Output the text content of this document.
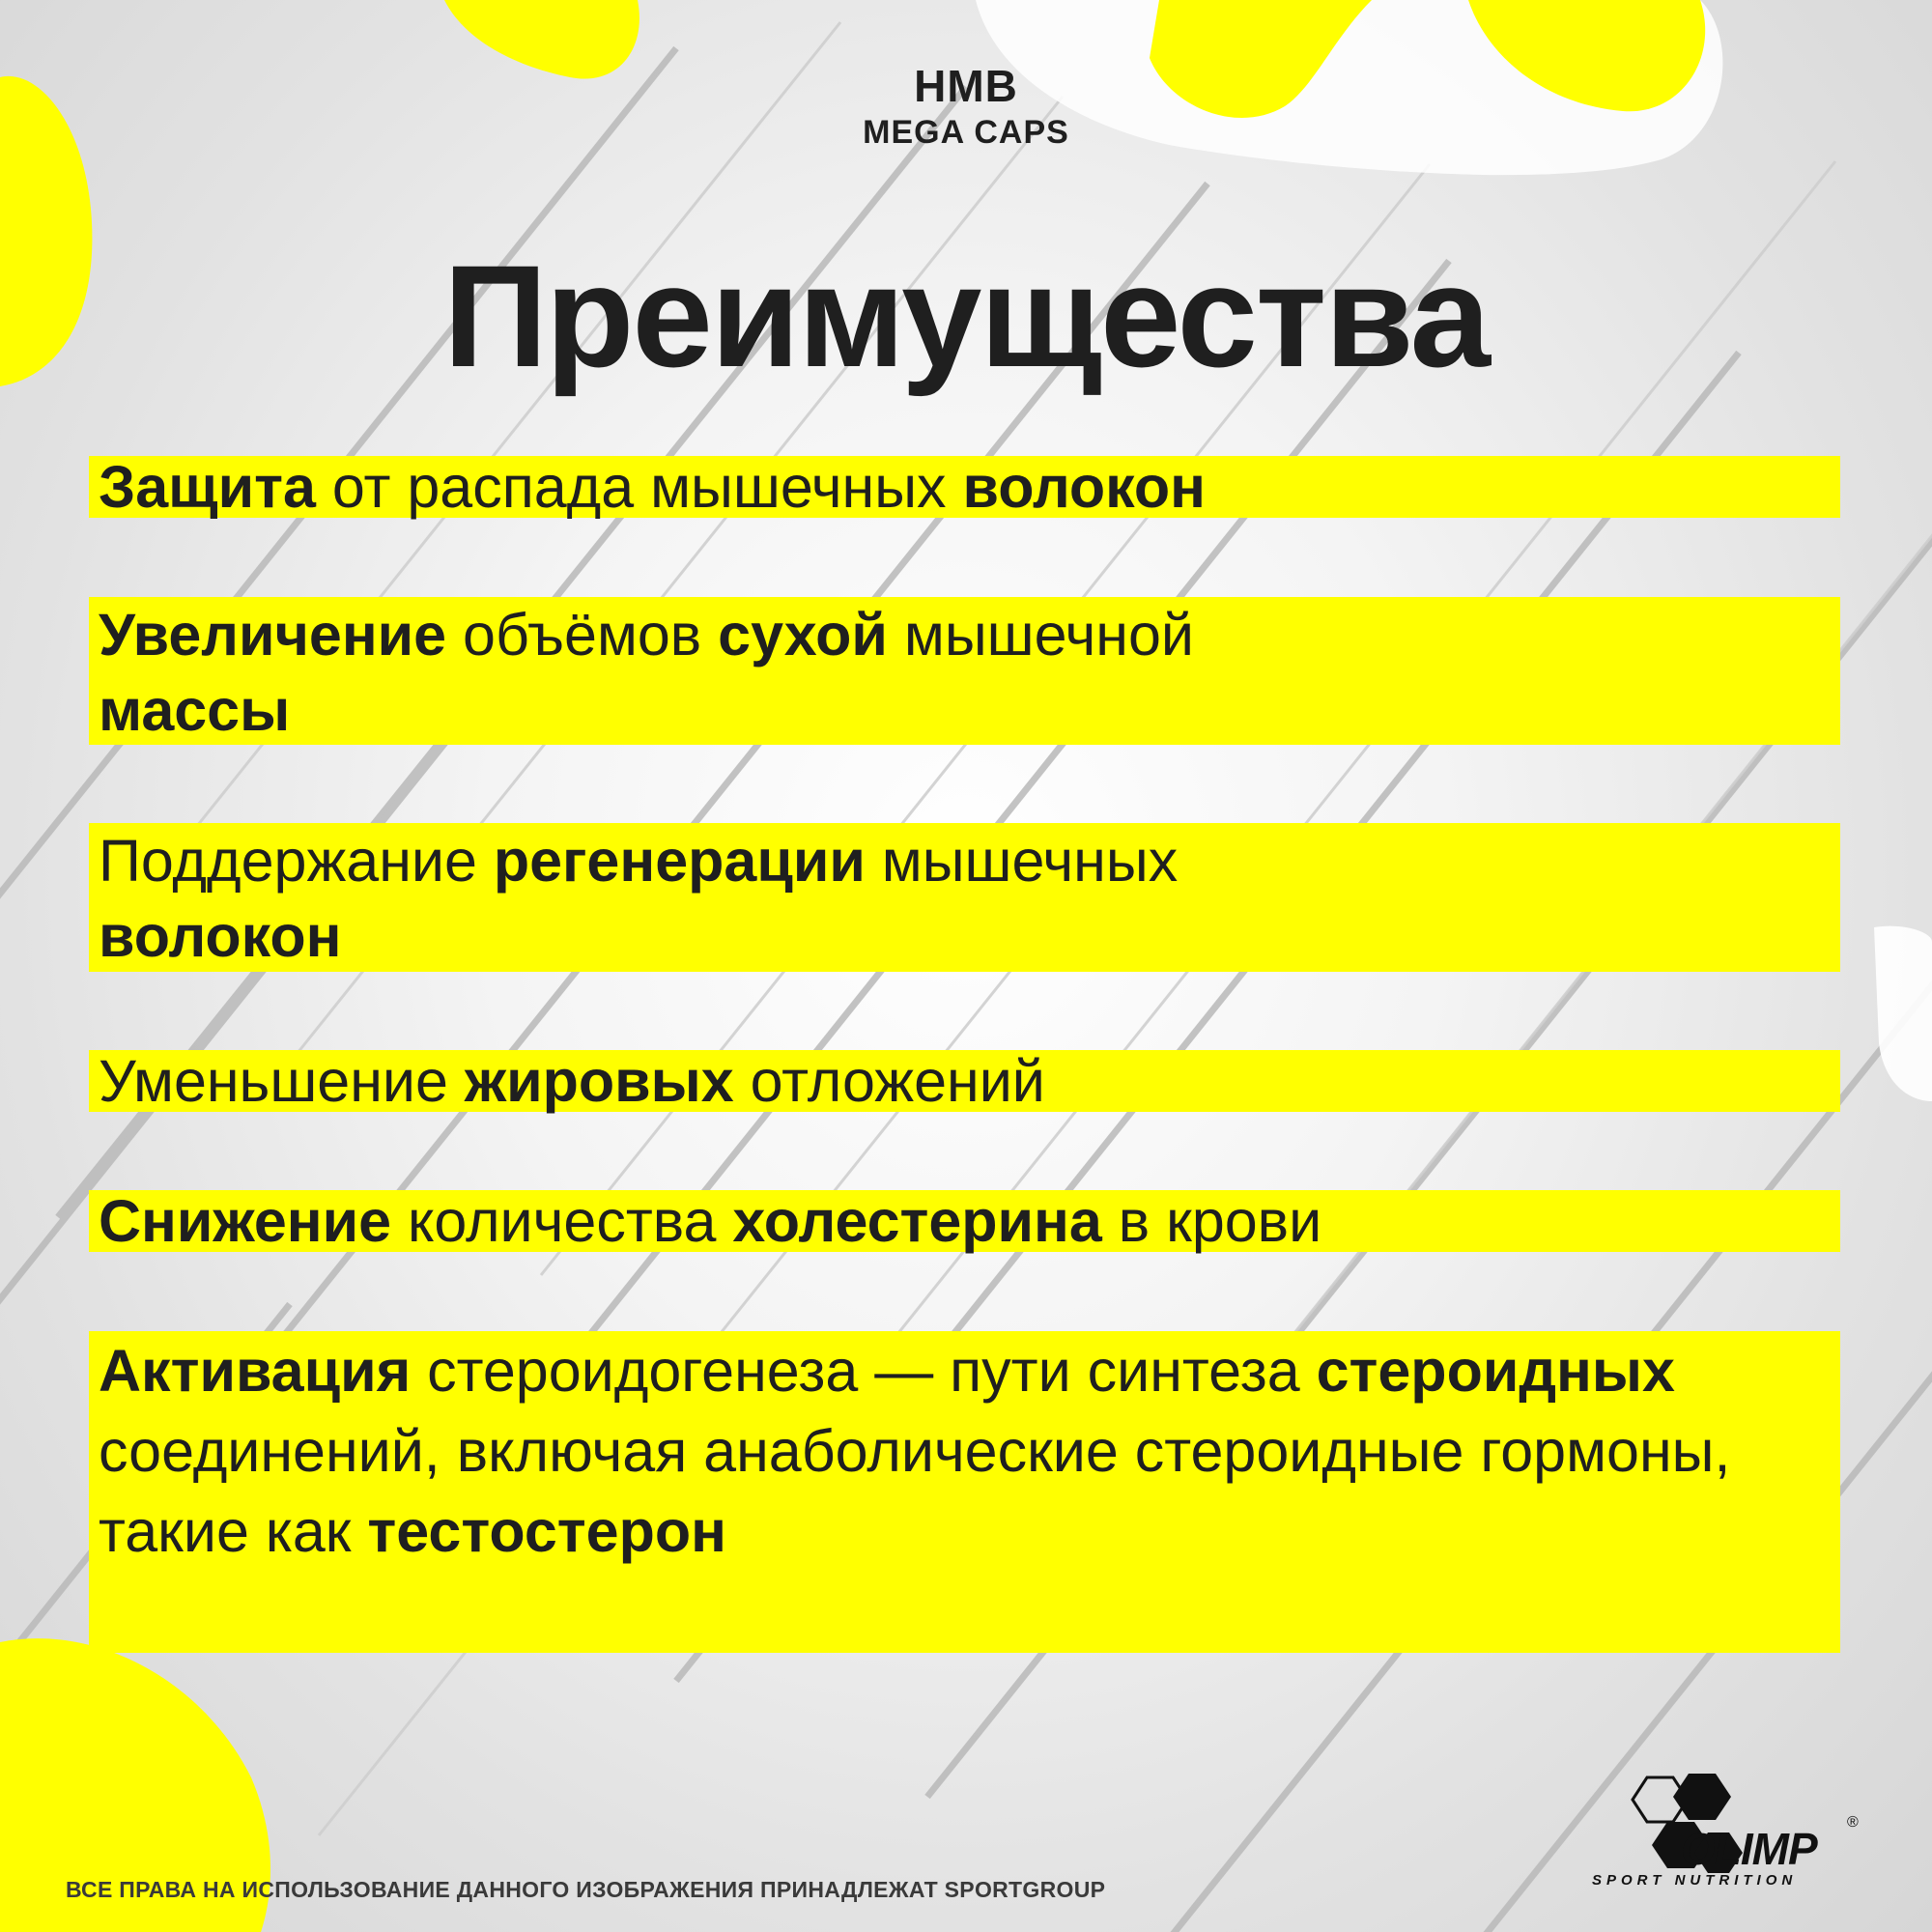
HMB
MEGA CAPS
Преимущества
Защита от распада мышечных волокон
Увеличение объёмов сухой мышечной
массы
Поддержание регенерации мышечных
волокон
Уменьшение жировых отложений
Снижение количества холестерина в крови
Активация стероидогенеза — пути синтеза стероидных соединений, включая анаболические стероидные гормоны, такие как тестостерон
ВСЕ ПРАВА НА ИСПОЛЬЗОВАНИЕ ДАННОГО ИЗОБРАЖЕНИЯ ПРИНАДЛЕЖАТ SPORTGROUP
OLIMP
®
SPORT NUTRITION
